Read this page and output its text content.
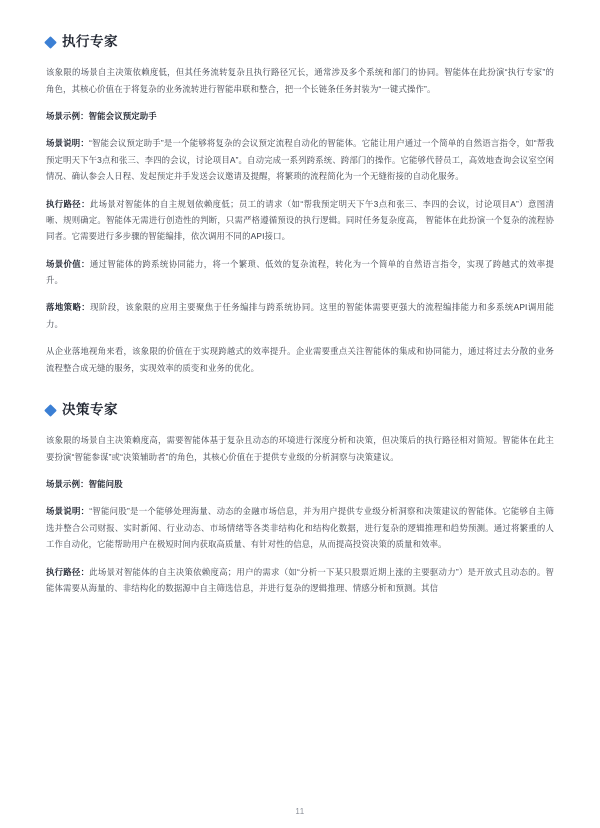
执行专家

该象限的场景自主决策依赖度低，但其任务流转复杂且执行路径冗长，通常涉及多个系统和部门的协同。智能体在此扮演“执行专家”的角色，其核心价值在于将复杂的业务流转进行智能串联和整合，把一个长链条任务封装为“一键式操作”。

场景示例：智能会议预定助手

场景说明：“智能会议预定助手”是一个能够将复杂的会议预定流程自动化的智能体。它能让用户通过一个简单的自然语言指令，如“帮我预定明天下午3点和张三、李四的会议，讨论项目A”。自动完成一系列跨系统、跨部门的操作。它能够代替员工，高效地查询会议室空闲情况、确认参会人日程、发起预定并手发送会议邀请及提醒，将繁琐的流程简化为一个无缝衔接的自动化服务。

执行路径：此场景对智能体的自主规划依赖度低；员工的请求（如“帮我预定明天下午3点和张三、李四的会议，讨论项目A”）意图清晰、规则确定。智能体无需进行创造性的判断，只需严格遵循预设的执行逻辑。同时任务复杂度高， 智能体在此扮演一个复杂的流程协同者。它需要进行多步骤的智能编排，依次调用不同的API接口。

场景价值：通过智能体的跨系统协同能力，将一个繁琐、低效的复杂流程，转化为一个简单的自然语言指令，实现了跨越式的效率提升。

落地策略：现阶段，该象限的应用主要聚焦于任务编排与跨系统协同。这里的智能体需要更强大的流程编排能力和多系统API调用能力。

从企业落地视角来看，该象限的价值在于实现跨越式的效率提升。企业需要重点关注智能体的集成和协同能力，通过将过去分散的业务流程整合成无缝的服务，实现效率的质变和业务的优化。

决策专家

该象限的场景自主决策赖度高，需要智能体基于复杂且动态的环境进行深度分析和决策，但决策后的执行路径相对简短。智能体在此主要扮演“智能参谋”或“决策辅助者”的角色，其核心价值在于提供专业级的分析洞察与决策建议。

场景示例：智能问股

场景说明：“智能问股”是一个能够处理海量、动态的金融市场信息，并为用户提供专业级分析洞察和决策建议的智能体。它能够自主筛选并整合公司财报、实时新闻、行业动态、市场情绪等各类非结构化和结构化数据，进行复杂的逻辑推理和趋势预测。通过将繁重的人工作自动化，它能帮助用户在极短时间内获取高质量、有针对性的信息，从而提高投资决策的质量和效率。

执行路径：此场景对智能体的自主决策依赖度高；用户的需求（如“分析一下某只股票近期上涨的主要驱动力”）是开放式且动态的。智能体需要从海量的、非结构化的数据源中自主筛选信息，并进行复杂的逻辑推理、情感分析和预测。其信

11
